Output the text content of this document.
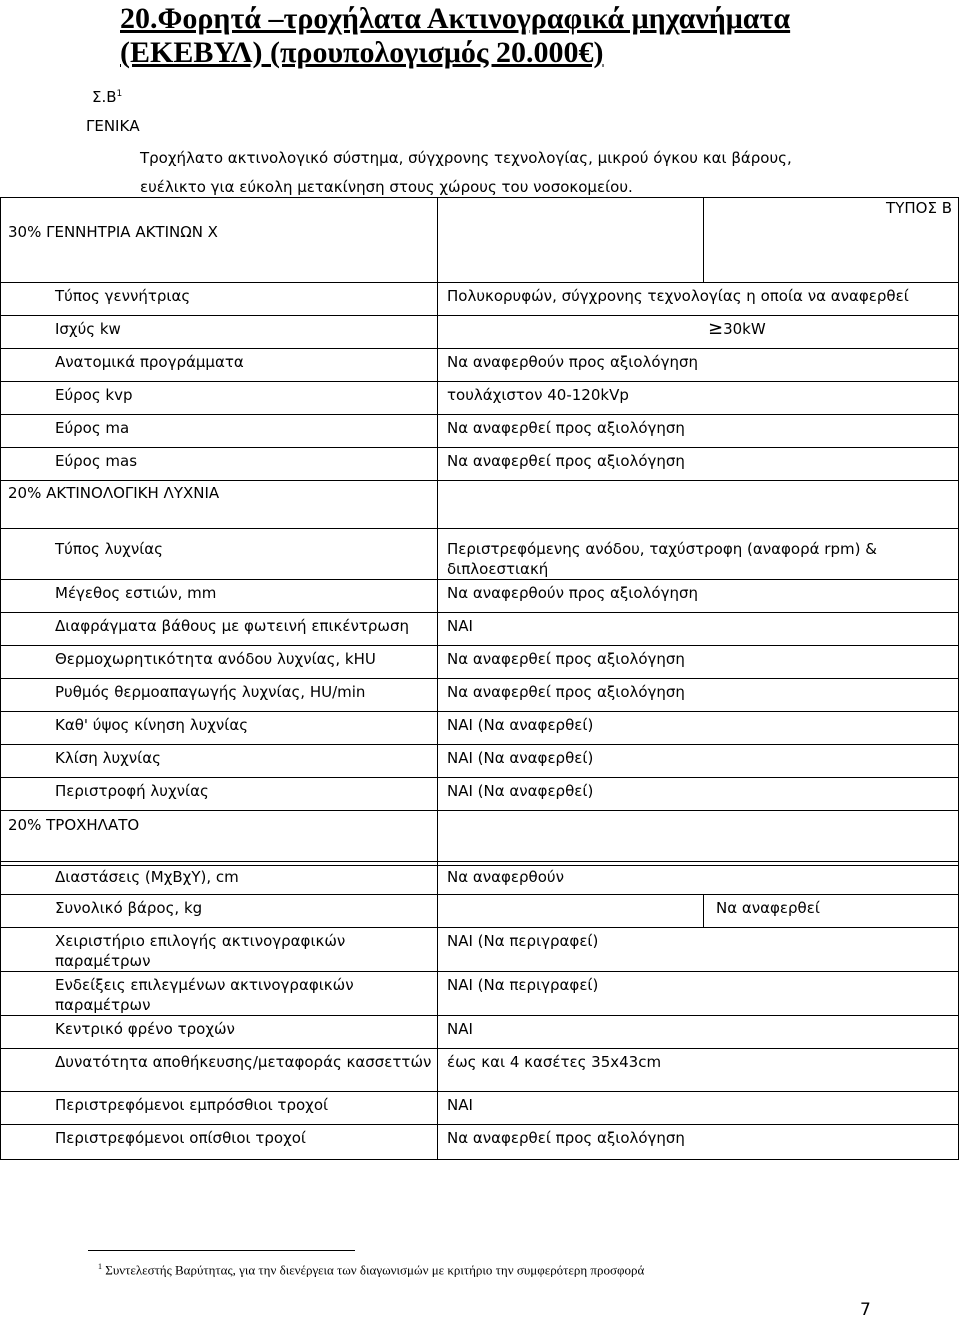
20.Φορητά –τροχήλατα Ακτινογραφικά μηχανήματα
(ΕΚΕΒΥΛ) (προυπολογισμός 20.000€)
$\Sigma.B^1$
ΓΕΝΙΚΑ
Τροχήλατο ακτινολογικό σύστημα, σύγχρονης τεχνολογίας, μικρού όγκου και βάρους,
ευέλικτο για εύκολη μετακίνηση στους χώρους του νοσοκομείου.
30% ΓΕΝΝΗΤΡΙΑ ΑΚΤΙΝΩΝ Χ		ΤΥΠΟΣ Β
Τύπος γεννήτριας	Πολυκορυφών, σύγχρονης τεχνολογίας η οποία να αναφερθεί
Ισχύς kw	≥30kW
Ανατομικά προγράμματα	Να αναφερθούν προς αξιολόγηση
Εύρος kvp	τουλάχιστον 40-120kVp
Εύρος ma	Να αναφερθεί προς αξιολόγηση
Εύρος mas	Να αναφερθεί προς αξιολόγηση
20% ΑΚΤΙΝΟΛΟΓΙΚΗ ΛΥΧΝΙΑ	
Τύπος λυχνίας	Περιστρεφόμενης ανόδου, ταχύστροφη (αναφορά rpm) & διπλοεστιακή
Μέγεθος εστιών, mm	Να αναφερθούν προς αξιολόγηση
Διαφράγματα βάθους με φωτεινή επικέντρωση	ΝΑΙ
Θερμοχωρητικότητα ανόδου λυχνίας, kHU	Να αναφερθεί προς αξιολόγηση
Ρυθμός θερμοαπαγωγής λυχνίας, HU/min	Να αναφερθεί προς αξιολόγηση
Καθ' ύψος κίνηση λυχνίας	ΝΑΙ (Να αναφερθεί)
Κλίση λυχνίας	ΝΑΙ (Να αναφερθεί)
Περιστροφή λυχνίας	ΝΑΙ (Να αναφερθεί)
20% ΤΡΟΧΗΛΑΤΟ	
Διαστάσεις (ΜχΒχΥ), cm	Να αναφερθούν	
Συνολικό βάρος, kg		Να αναφερθεί
Χειριστήριο επιλογής ακτινογραφικών παραμέτρων	ΝΑΙ (Να περιγραφεί)	
Ενδείξεις επιλεγμένων ακτινογραφικών παραμέτρων	ΝΑΙ (Να περιγραφεί)	
Κεντρικό φρένο τροχών	ΝΑΙ	
Δυνατότητα αποθήκευσης/μεταφοράς κασσεττών	έως και 4 κασέτες 35x43cm	
Περιστρεφόμενοι εμπρόσθιοι τροχοί	ΝΑΙ	
Περιστρεφόμενοι οπίσθιοι τροχοί	Να αναφερθεί προς αξιολόγηση	
$^1$ Συντελεστής Βαρύτητας, για την διενέργεια των διαγωνισμών με κριτήριο την συμφερότερη προσφορά
7
